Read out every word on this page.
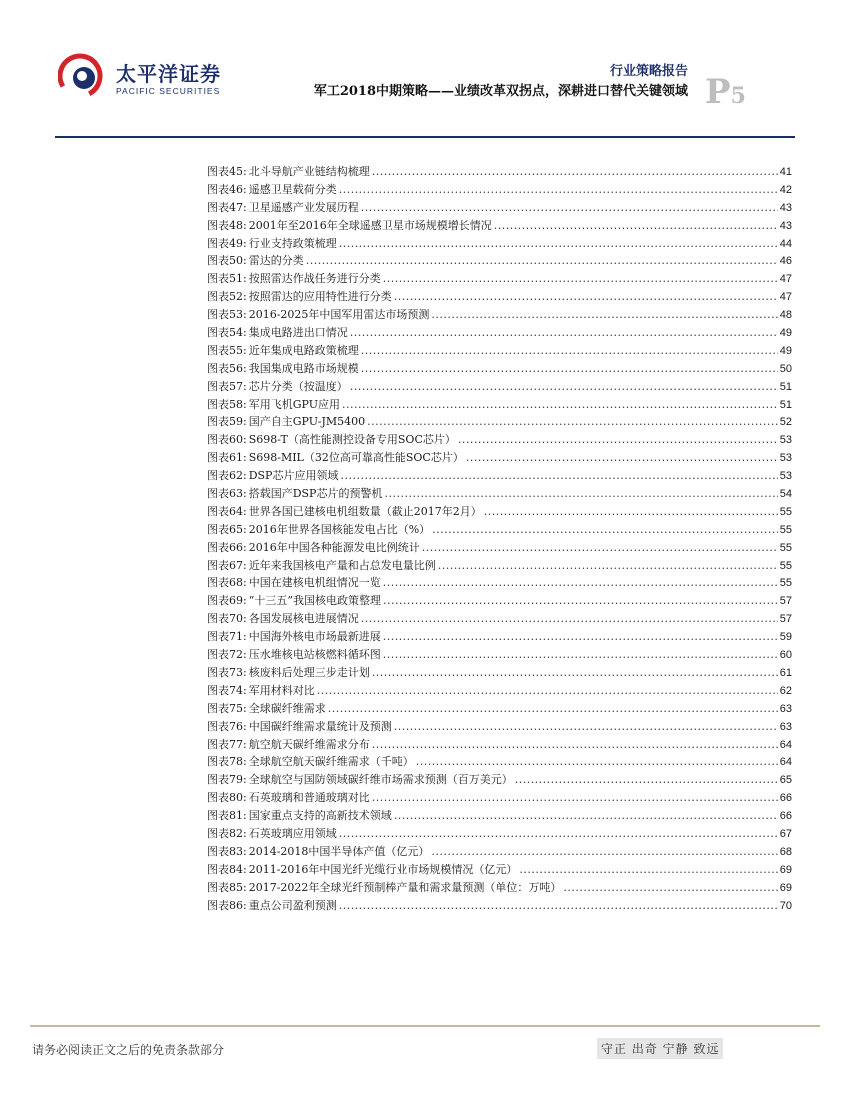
太平洋证券
PACIFIC SECURITIES
行业策略报告
军工2018中期策略——业绩改革双拐点，深耕进口替代关键领域 P5
图表45: 北斗导航产业链结构梳理 .....	41
图表46: 遥感卫星载荷分类 .....	42
图表47: 卫星遥感产业发展历程 .....	43
图表48: 2001年至2016年全球遥感卫星市场规模增长情况 .....	43
图表49: 行业支持政策梳理 .....	44
图表50: 雷达的分类 .....	46
图表51: 按照雷达作战任务进行分类 .....	47
图表52: 按照雷达的应用特性进行分类 .....	47
图表53: 2016-2025年中国军用雷达市场预测 .....	48
图表54: 集成电路进出口情况 .....	49
图表55: 近年集成电路政策梳理 .....	49
图表56: 我国集成电路市场规模 .....	50
图表57: 芯片分类（按温度） .....	51
图表58: 军用飞机GPU应用 .....	51
图表59: 国产自主GPU-JM5400 .....	52
图表60: S698-T（高性能测控设备专用SOC芯片） .....	53
图表61: S698-MIL（32位高可靠高性能SOC芯片） .....	53
图表62: DSP芯片应用领域 .....	53
图表63: 搭载国产DSP芯片的预警机 .....	54
图表64: 世界各国已建核电机组数量（截止2017年2月） .....	55
图表65: 2016年世界各国核能发电占比（%） .....	55
图表66: 2016年中国各种能源发电比例统计 .....	55
图表67: 近年来我国核电产量和占总发电量比例 .....	55
图表68: 中国在建核电机组情况一览 .....	55
图表69: “十三五”我国核电政策整理 .....	57
图表70: 各国发展核电进展情况 .....	57
图表71: 中国海外核电市场最新进展 .....	59
图表72: 压水堆核电站核燃料循环图 .....	60
图表73: 核废料后处理三步走计划 .....	61
图表74: 军用材料对比 .....	62
图表75: 全球碳纤维需求 .....	63
图表76: 中国碳纤维需求量统计及预测 .....	63
图表77: 航空航天碳纤维需求分布 .....	64
图表78: 全球航空航天碳纤维需求（千吨） .....	64
图表79: 全球航空与国防领域碳纤维市场需求预测（百万美元） .....	65
图表80: 石英玻璃和普通玻璃对比 .....	66
图表81: 国家重点支持的高新技术领域 .....	66
图表82: 石英玻璃应用领域 .....	67
图表83: 2014-2018中国半导体产值（亿元） .....	68
图表84: 2011-2016年中国光纤光缆行业市场规模情况（亿元） .....	69
图表85: 2017-2022年全球光纤预制棒产量和需求量预测（单位：万吨） .....	69
图表86: 重点公司盈利预测 .....	70
请务必阅读正文之后的免责条款部分	守正 出奇 宁静 致远
